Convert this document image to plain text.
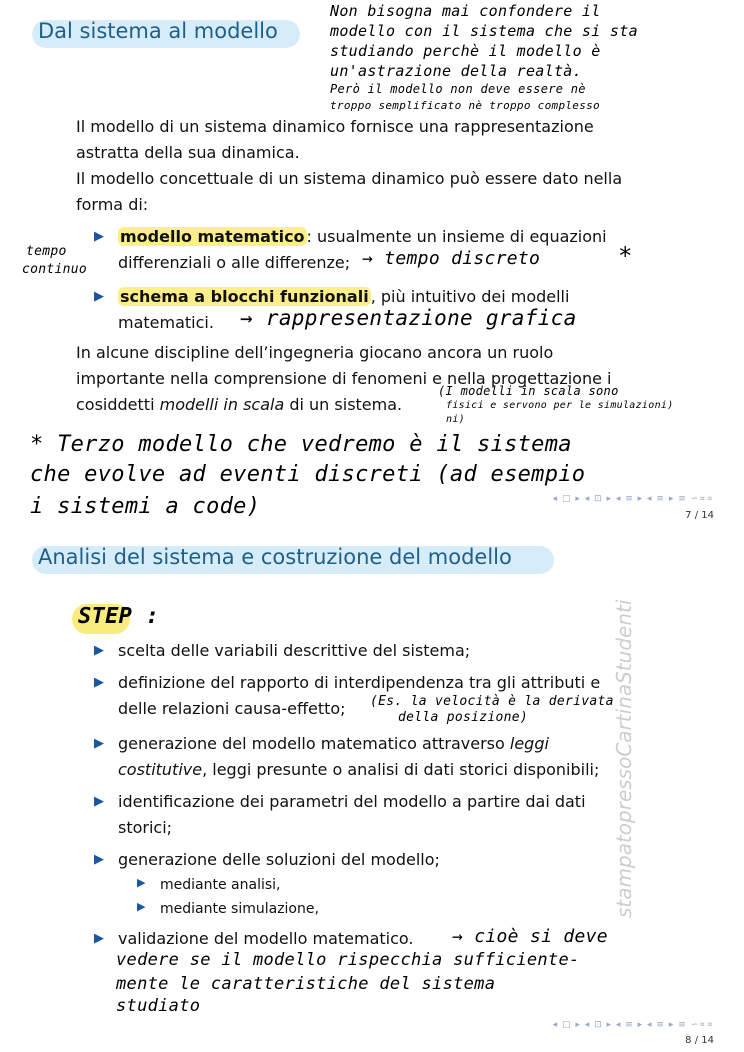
Dal sistema al modello
Non bisogna mai confondere il
modello con il sistema che si sta
studiando perchè il modello è
un'astrazione della realtà.
Però il modello non deve essere nè
troppo semplificato nè troppo complesso
Il modello di un sistema dinamico fornisce una rappresentazione
astratta della sua dinamica.
Il modello concettuale di un sistema dinamico può essere dato nella
forma di:
▶ modello matematico : usualmente un insieme di equazioni
differenziali o alle differenze;
tempo
continuo
→ tempo discreto	*
▶ schema a blocchi funzionali , più intuitivo dei modelli
matematici. → rappresentazione grafica
In alcune discipline dell’ingegneria giocano ancora un ruolo
importante nella comprensione di fenomeni e nella progettazione i
cosiddetti modelli in scala di un sistema.
(I modelli in scala sono
fisici e servono per le simulazioni)
ni)
* Terzo modello che vedremo è il sistema
che evolve ad eventi discreti (ad esempio
i sistemi a code)	◂ □ ▸ ◂ ⊡ ▸ ◂ ≡ ▸ ◂ ≡ ▸ ≡ ∽∝∝
7 / 14
Analisi del sistema e costruzione del modello
STEP :
▶ scelta delle variabili descrittive del sistema;
▶ definizione del rapporto di interdipendenza tra gli attributi e
delle relazioni causa-effetto; (Es. la velocità è la derivata
della posizione)
▶ generazione del modello matematico attraverso leggi
costitutive, leggi presunte o analisi di dati storici disponibili;
▶ identificazione dei parametri del modello a partire dai dati
storici;
▶ generazione delle soluzioni del modello;
▶ mediante analisi,
▶ mediante simulazione,
▶ validazione del modello matematico. → cioè si deve
vedere se il modello rispecchia sufficiente-
mente le caratteristiche del sistema
studiato
stampatopressoCartinaStudenti
◂ □ ▸ ◂ ⊡ ▸ ◂ ≡ ▸ ◂ ≡ ▸ ≡ ∽∝∝
8 / 14
